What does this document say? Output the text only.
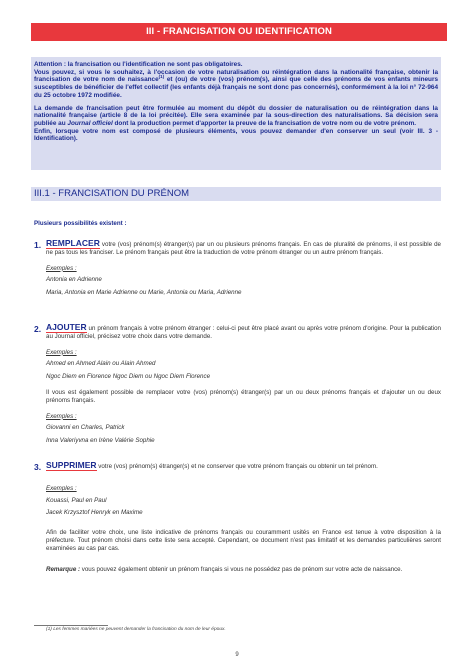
III - FRANCISATION OU IDENTIFICATION

Attention : la francisation ou l'identification ne sont pas obligatoires.

Vous pouvez, si vous le souhaitez, à l'occasion de votre naturalisation ou réintégration dans la nationalité française, obtenir la francisation de votre nom de naissance$^{(1)}$ et (ou) de votre (vos) prénom(s), ainsi que celle des prénoms de vos enfants mineurs susceptibles de bénéficier de l'effet collectif (les enfants déjà français ne sont donc pas concernés), conformément à la loi n° 72-964 du 25 octobre 1972 modifiée.

La demande de francisation peut être formulée au moment du dépôt du dossier de naturalisation ou de réintégration dans la nationalité française (article 8 de la loi précitée). Elle sera examinée par la sous-direction des naturalisations. Sa décision sera publiée au Journal officiel dont la production permet d'apporter la preuve de la francisation de votre nom ou de votre prénom.

Enfin, lorsque votre nom est composé de plusieurs éléments, vous pouvez demander d'en conserver un seul (voir III. 3 - Identification).

III.1 - FRANCISATION DU PRÉNOM
Plusieurs possibilités existent :
1. REMPLACER votre (vos) prénom(s) étranger(s) par un ou plusieurs prénoms français. En cas de pluralité de prénoms, il est possible de ne pas tous les franciser. Le prénom français peut être la traduction de votre prénom étranger ou un autre prénom français.
Exemples :
Antonia en Adrienne
Maria, Antonia en Marie Adrienne ou Marie, Antonia ou Maria, Adrienne
2. AJOUTER un prénom français à votre prénom étranger : celui-ci peut être placé avant ou après votre prénom d'origine. Pour la publication au Journal officiel, précisez votre choix dans votre demande.
Exemples :
Ahmed en Ahmed Alain ou Alain Ahmed
Ngoc Diem en Florence Ngoc Diem ou Ngoc Diem Florence
Il vous est également possible de remplacer votre (vos) prénom(s) étranger(s) par un ou deux prénoms français et d'ajouter un ou deux prénoms français.
Exemples :
Giovanni en Charles, Patrick
Inna Valeriyvna en Irène Valérie Sophie
3. SUPPRIMER votre (vos) prénom(s) étranger(s) et ne conserver que votre prénom français ou obtenir un tel prénom.
Exemples :
Kouassi, Paul en Paul
Jacek Krzysztof Henryk en Maxime
Afin de faciliter votre choix, une liste indicative de prénoms français ou couramment usités en France est tenue à votre disposition à la préfecture. Tout prénom choisi dans cette liste sera accepté. Cependant, ce document n'est pas limitatif et les demandes particulières seront examinées au cas par cas.
Remarque : vous pouvez également obtenir un prénom français si vous ne possédez pas de prénom sur votre acte de naissance.
(1) Les femmes mariées ne peuvent demander la francisation du nom de leur époux.
9
